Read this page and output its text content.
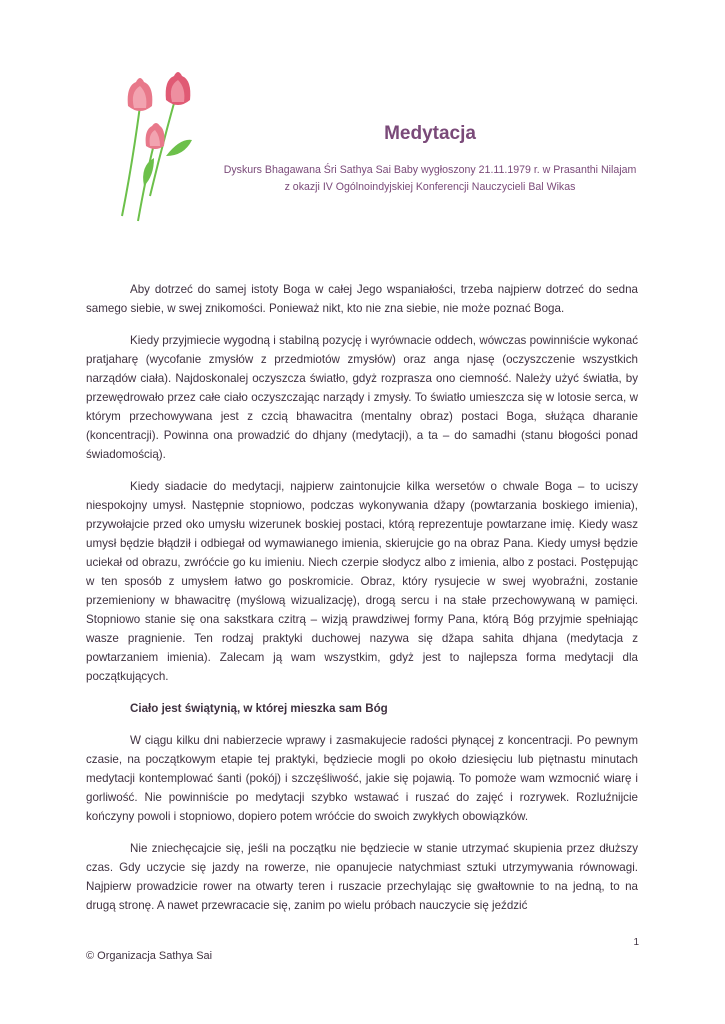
Medytacja
Dyskurs Bhagawana Śri Sathya Sai Baby wygłoszony 21.11.1979 r. w Prasanthi Nilajam
z okazji IV Ogólnoindyjskiej Konferencji Nauczycieli Bal Wikas

Aby dotrzeć do samej istoty Boga w całej Jego wspaniałości, trzeba najpierw dotrzeć do sedna samego siebie, w swej znikomości. Ponieważ nikt, kto nie zna siebie, nie może poznać Boga.

Kiedy przyjmiecie wygodną i stabilną pozycję i wyrównacie oddech, wówczas powinniście wykonać pratjaharę (wycofanie zmysłów z przedmiotów zmysłów) oraz anga njasę (oczyszczenie wszystkich narządów ciała). Najdoskonalej oczyszcza światło, gdyż rozprasza ono ciemność. Należy użyć światła, by przewędrowało przez całe ciało oczyszczając narządy i zmysły. To światło umieszcza się w lotosie serca, w którym przechowywana jest z czcią bhawacitra (mentalny obraz) postaci Boga, służąca dharanie (koncentracji). Powinna ona prowadzić do dhjany (medytacji), a ta – do samadhi (stanu błogości ponad świadomością).

Kiedy siadacie do medytacji, najpierw zaintonujcie kilka wersetów o chwale Boga – to uciszy niespokojny umysł. Następnie stopniowo, podczas wykonywania džapy (powtarzania boskiego imienia), przywołajcie przed oko umysłu wizerunek boskiej postaci, którą reprezentuje powtarzane imię. Kiedy wasz umysł będzie błądził i odbiegał od wymawianego imienia, skierujcie go na obraz Pana. Kiedy umysł będzie uciekał od obrazu, zwróćcie go ku imieniu. Niech czerpie słodycz albo z imienia, albo z postaci. Postępując w ten sposób z umysłem łatwo go poskromicie. Obraz, który rysujecie w swej wyobraźni, zostanie przemieniony w bhawacitrę (myślową wizualizację), drogą sercu i na stałe przechowywaną w pamięci. Stopniowo stanie się ona sakstkara czitrą – wizją prawdziwej formy Pana, którą Bóg przyjmie spełniając wasze pragnienie. Ten rodzaj praktyki duchowej nazywa się džapa sahita dhjana (medytacja z powtarzaniem imienia). Zalecam ją wam wszystkim, gdyż jest to najlepsza forma medytacji dla początkujących.

Ciało jest świątynią, w której mieszka sam Bóg

W ciągu kilku dni nabierzecie wprawy i zasmakujecie radości płynącej z koncentracji. Po pewnym czasie, na początkowym etapie tej praktyki, będziecie mogli po około dziesięciu lub piętnastu minutach medytacji kontemplować śanti (pokój) i szczęśliwość, jakie się pojawią. To pomoże wam wzmocnić wiarę i gorliwość. Nie powinniście po medytacji szybko wstawać i ruszać do zajęć i rozrywek. Rozluźnijcie kończyny powoli i stopniowo, dopiero potem wróćcie do swoich zwykłych obowiązków.

Nie zniechęcajcie się, jeśli na początku nie będziecie w stanie utrzymać skupienia przez dłuższy czas. Gdy uczycie się jazdy na rowerze, nie opanujecie natychmiast sztuki utrzymywania równowagi. Najpierw prowadzicie rower na otwarty teren i ruszacie przechylając się gwałtownie to na jedną, to na drugą stronę. A nawet przewracacie się, zanim po wielu próbach nauczycie się jeździć

1
© Organizacja Sathya Sai
